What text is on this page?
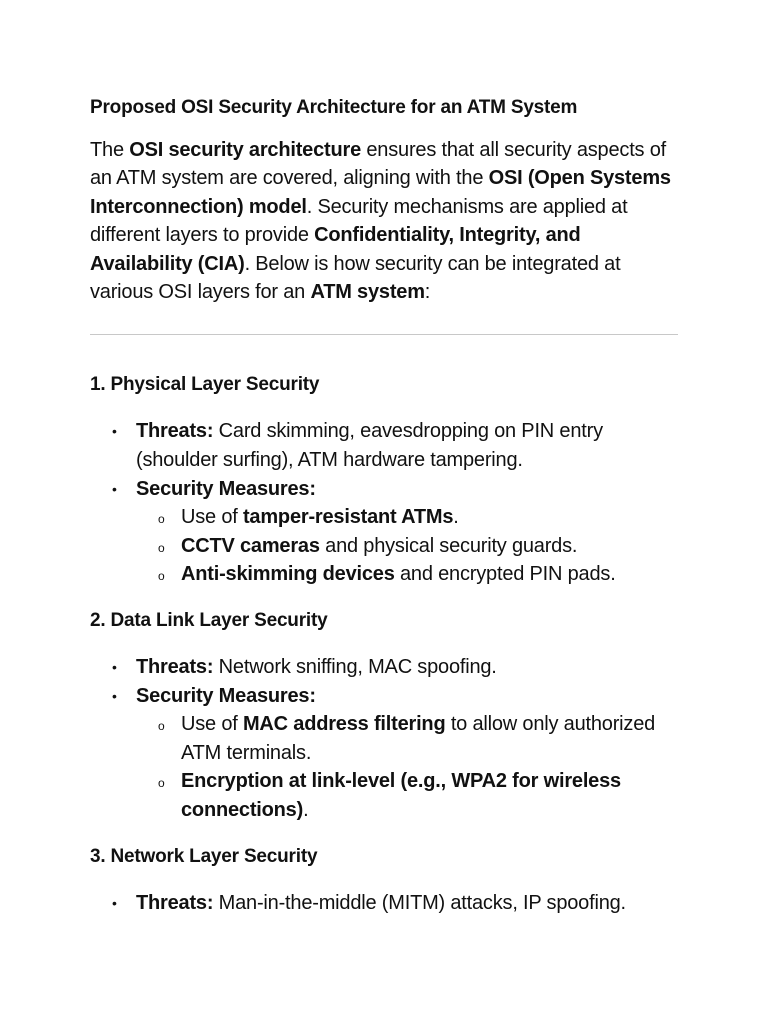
Proposed OSI Security Architecture for an ATM System

The OSI security architecture ensures that all security aspects of an ATM system are covered, aligning with the OSI (Open Systems Interconnection) model. Security mechanisms are applied at different layers to provide Confidentiality, Integrity, and Availability (CIA). Below is how security can be integrated at various OSI layers for an ATM system:

1. Physical Layer Security
• Threats: Card skimming, eavesdropping on PIN entry (shoulder surfing), ATM hardware tampering.
• Security Measures:
o Use of tamper-resistant ATMs.
o CCTV cameras and physical security guards.
o Anti-skimming devices and encrypted PIN pads.
2. Data Link Layer Security
• Threats: Network sniffing, MAC spoofing.
• Security Measures:
o Use of MAC address filtering to allow only authorized ATM terminals.
o Encryption at link-level (e.g., WPA2 for wireless connections).
3. Network Layer Security
• Threats: Man-in-the-middle (MITM) attacks, IP spoofing.
